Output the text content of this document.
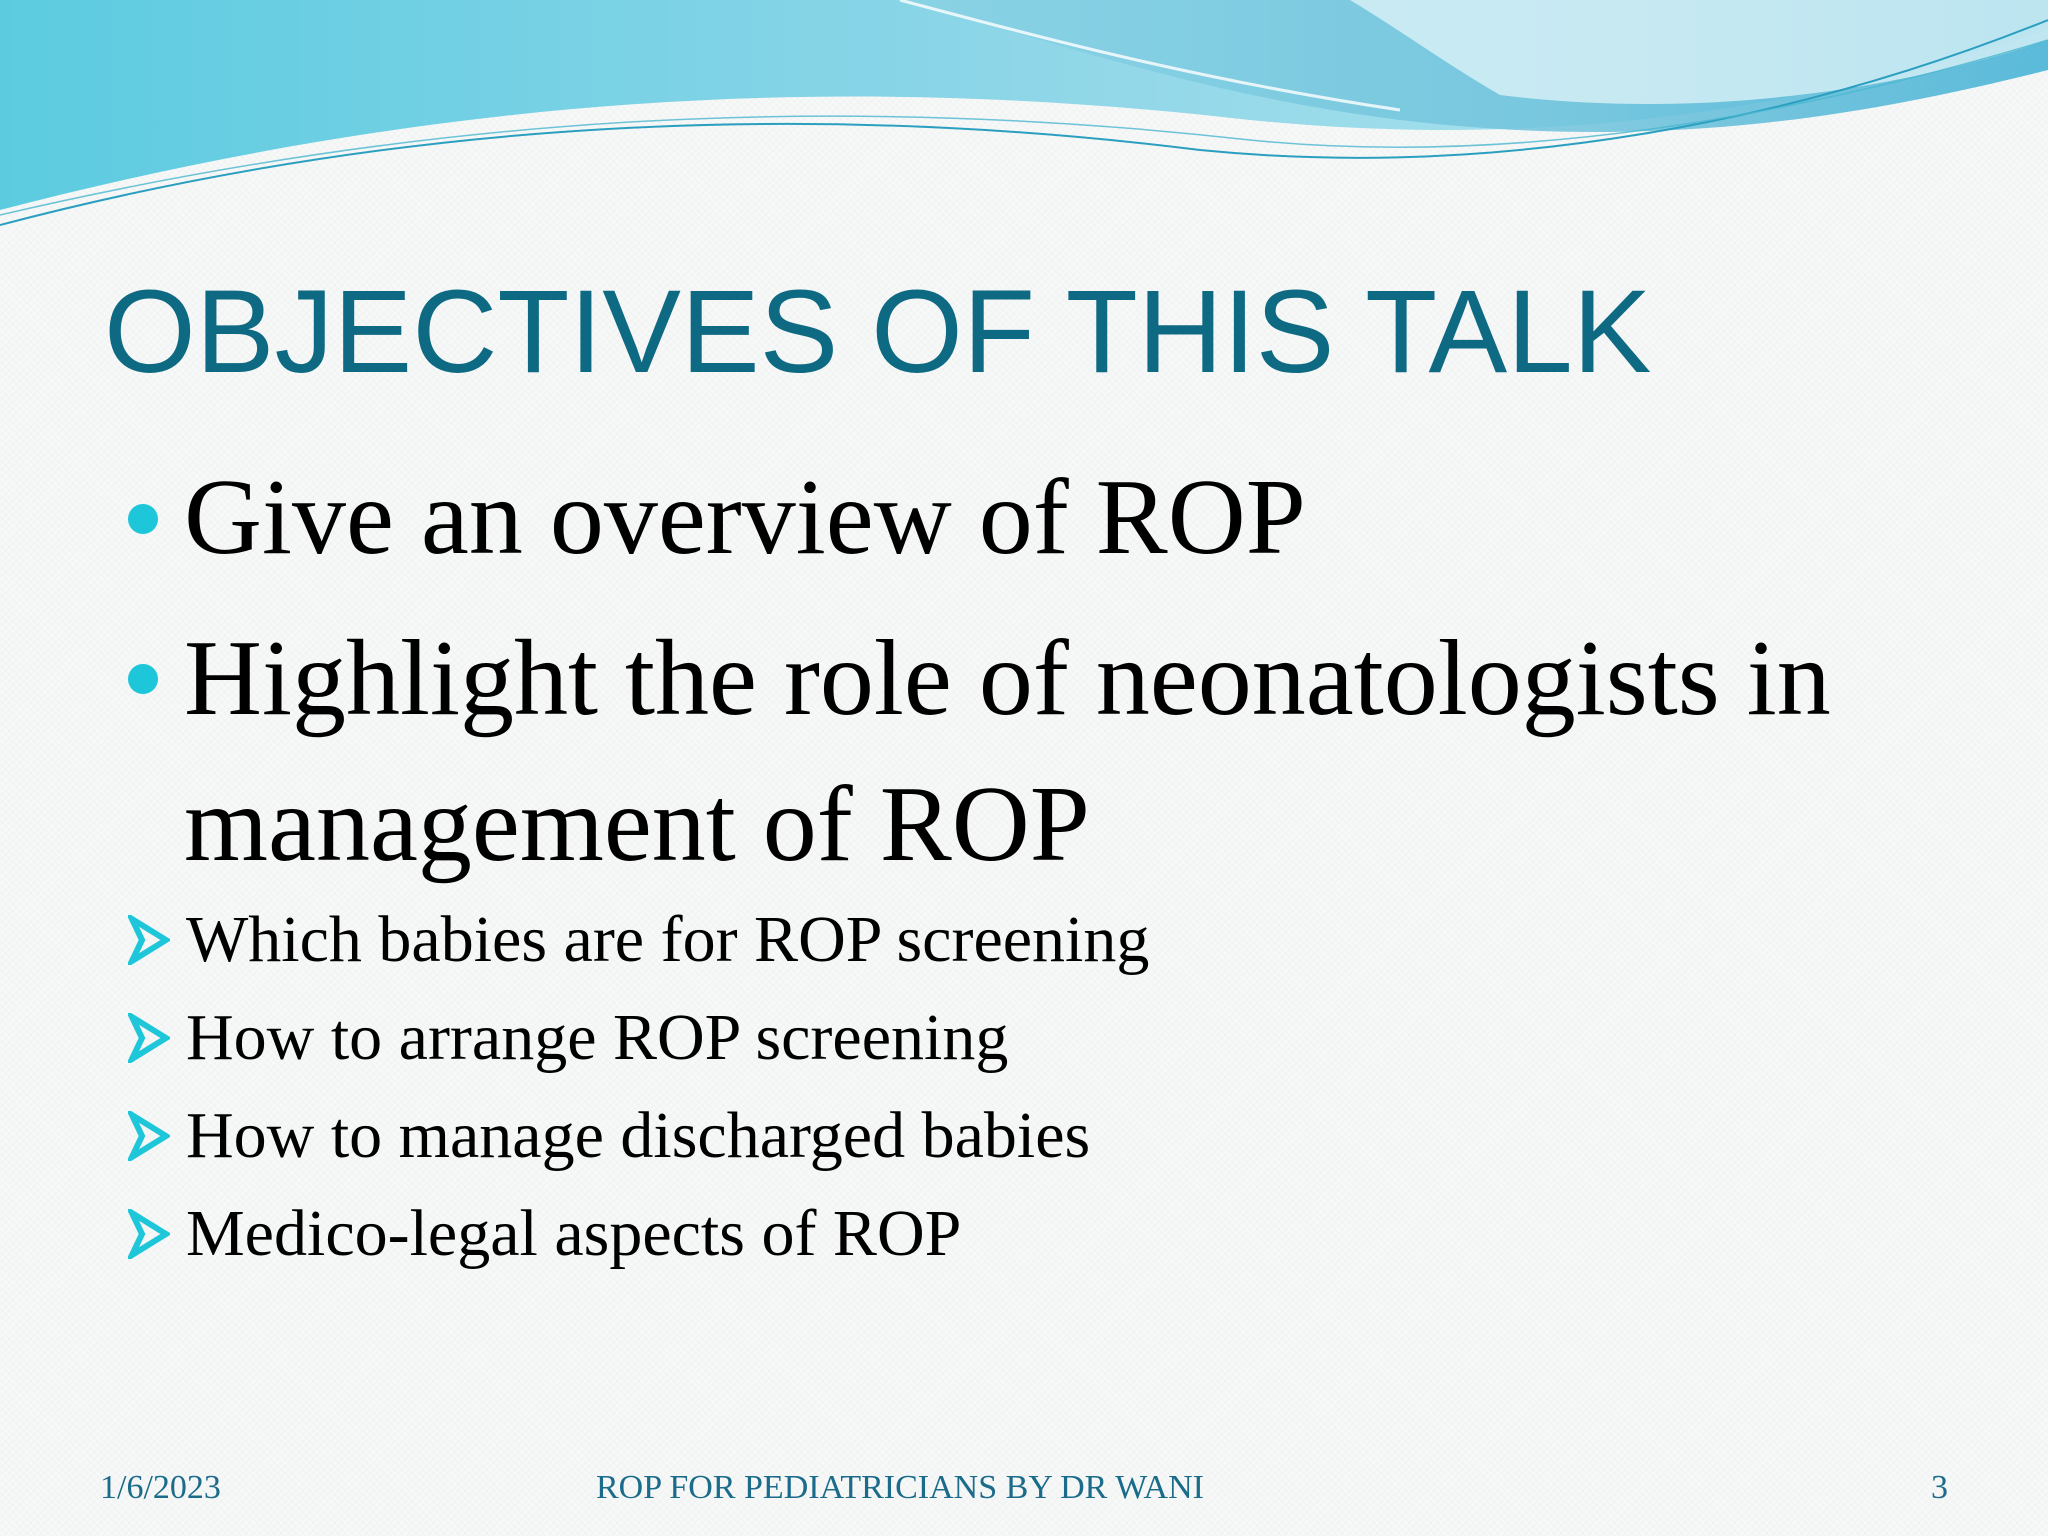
OBJECTIVES OF THIS TALK
Give an overview of ROP
Highlight the role of neonatologists in management of ROP
Which babies are for ROP screening
How to arrange ROP screening
How to manage discharged babies
Medico-legal aspects of ROP
1/6/2023	ROP FOR PEDIATRICIANS BY DR WANI	3
